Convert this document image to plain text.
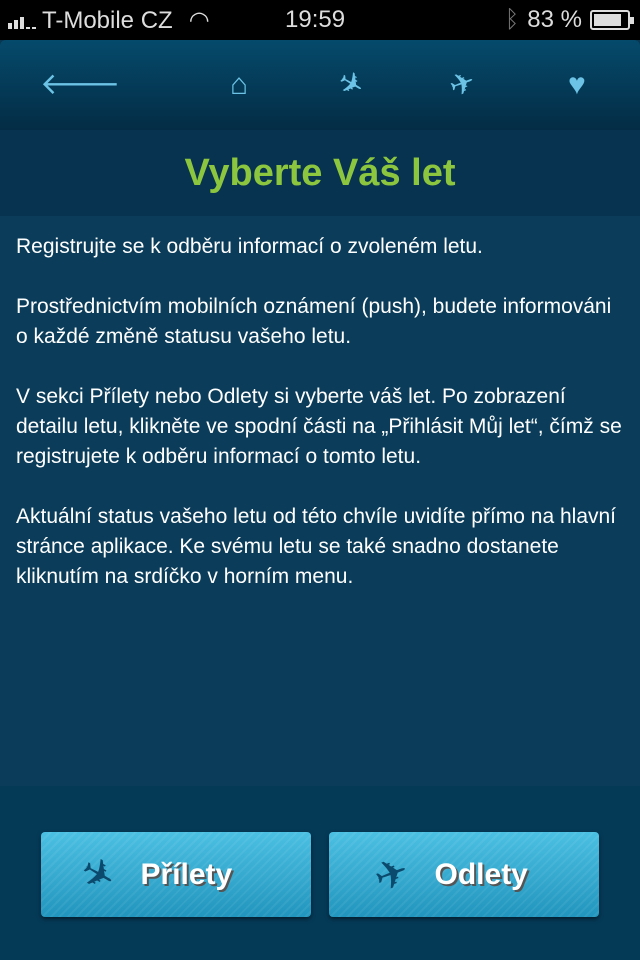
T-Mobile CZ ◠	19:59	ᛒ 83 %
🡐	⌂	✈ ✈	♥
Vyberte Váš let

Registrujte se k odběru informací o zvoleném letu.

Prostřednictvím mobilních oznámení (push), budete informováni o každé změně statusu vašeho letu.

V sekci Přílety nebo Odlety si vyberte váš let. Po zobrazení detailu letu, klikněte ve spodní části na „Přihlásit Můj let“, čímž se registrujete k odběru informací o tomto letu.

Aktuální status vašeho letu od této chvíle uvidíte přímo na hlavní stránce aplikace. Ke svému letu se také snadno dostanete kliknutím na srdíčko v horním menu.

✈ Přílety	✈ Odlety
